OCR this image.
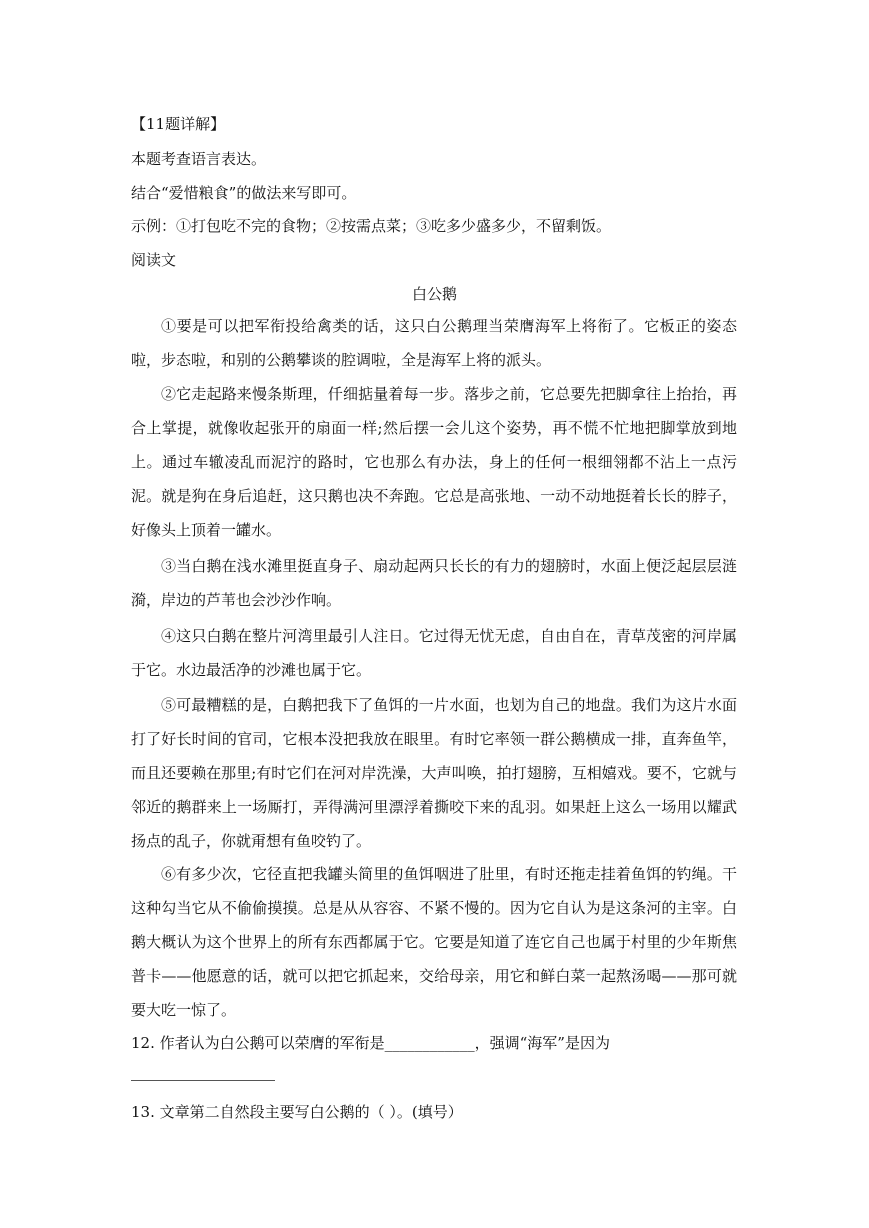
【11题详解】
本题考查语言表达。
结合“爱惜粮食”的做法来写即可。
示例：①打包吃不完的食物；②按需点菜；③吃多少盛多少，不留剩饭。
阅读文
白公鹅
①要是可以把军衔投给禽类的话，这只白公鹅理当荣膺海军上将衔了。它板正的姿态啦，步态啦，和别的公鹅攀谈的腔调啦，全是海军上将的派头。
②它走起路来慢条斯理，仟细掂量着每一步。落步之前，它总要先把脚拿往上抬抬，再合上掌提，就像收起张开的扇面一样;然后摆一会儿这个姿势，再不慌不忙地把脚掌放到地上。通过车辙凌乱而泥泞的路时，它也那么有办法，身上的任何一根细翎都不沾上一点污泥。就是狗在身后追赶，这只鹅也决不奔跑。它总是高张地、一动不动地挺着长长的脖子，好像头上顶着一罐水。
③当白鹅在浅水滩里挺直身子、扇动起两只长长的有力的翅膀时，水面上便泛起层层涟漪，岸边的芦苇也会沙沙作响。
④这只白鹅在整片河湾里最引人注日。它过得无忧无虑，自由自在，青草茂密的河岸属于它。水边最活净的沙滩也属于它。
⑤可最糟糕的是，白鹅把我下了鱼饵的一片水面，也划为自己的地盘。我们为这片水面打了好长时间的官司，它根本没把我放在眼里。有时它率领一群公鹅横成一排，直奔鱼竿，而且还要赖在那里;有时它们在河对岸洗澡，大声叫唤，拍打翅膀，互相嬉戏。要不，它就与邻近的鹅群来上一场厮打，弄得满河里漂浮着撕咬下来的乱羽。如果赶上这么一场用以耀武扬点的乱子，你就甭想有鱼咬钓了。
⑥有多少次，它径直把我罐头简里的鱼饵咽进了肚里，有时还拖走挂着鱼饵的钓绳。干这种勾当它从不偷偷摸摸。总是从从容容、不紧不慢的。因为它自认为是这条河的主宰。白鹅大概认为这个世界上的所有东西都属于它。它要是知道了连它自己也属于村里的少年斯焦普卡——他愿意的话，就可以把它抓起来，交给母亲，用它和鲜白菜一起熬汤喝——那可就要大吃一惊了。
12. 作者认为白公鹅可以荣膺的军衔是____________，强调“海军”是因为
13. 文章第二自然段主要写白公鹅的（ ）。(填号）
